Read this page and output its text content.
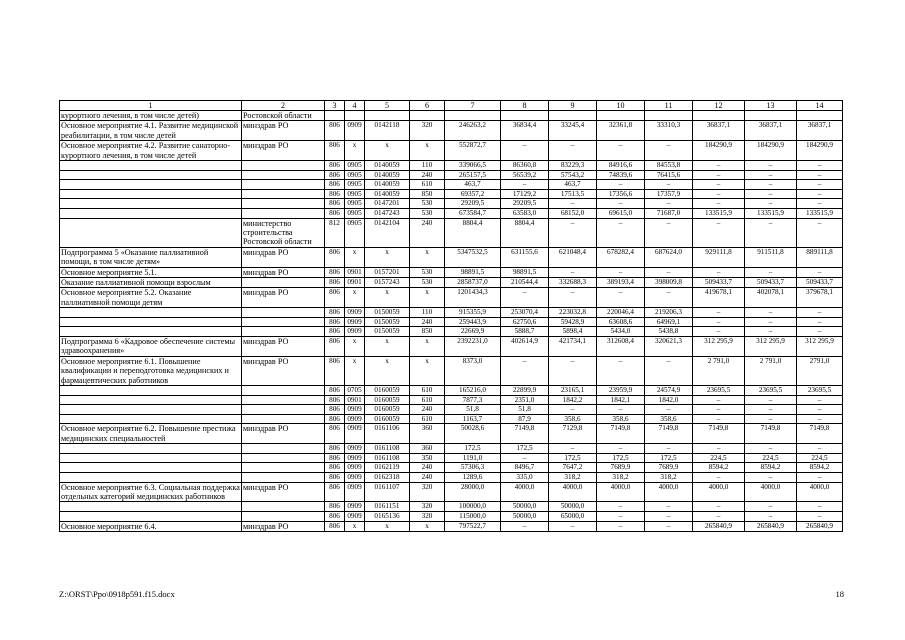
1	2	3	4	5	6	7	8	9	10	11	12	13	14
курортного лечения, в том числе детей)	Ростовской области												
Основное мероприятие 4.1. Развитие медицинской реабилитации, в том числе детей	минздрав РО	806	0909	0142118	320	246263,2	36834,4	33245,4	32361,8	33310,3	36837,1	36837,1	36837,1
Основное мероприятие 4.2. Развитие санаторно-курортного лечения, в том числе детей	минздрав РО	806	х	х	х	552872,7	–	–	–	–	184290,9	184290,9	184290,9
		806	0905	0140059	110	339066,5	86360,8	83229,3	84916,6	84553,8	–	–	–
		806	0905	0140059	240	265157,5	56539,2	57543,2	74839,6	76415,6	–	–	–
		806	0905	0140059	610	463,7	–	463,7	–	–	–	–	–
		806	0905	0140059	850	69357,2	17129,2	17513,5	17356,6	17357,9	–	–	–
		806	0905	0147201	530	29209,5	29209,5	–	–	–	–	–	–
		806	0905	0147243	530	673584,7	63583,0	68152,0	69615,0	71687,0	133515,9	133515,9	133515,9
	министерство строительства Ростовской области	812	0905	0142104	240	8804,4	8804,4	–	–	–	–	–	–
Подпрограмма 5 «Оказание паллиативной помощи, в том числе детям»	минздрав РО	806	х	х	х	5347532,5	631155,6	621048,4	678282,4	687624,0	929111,8	911511,8	889111,8
Основное мероприятие 5.1.	минздрав РО	806	0901	0157201	530	98891,5	98891,5	–	–	–	–	–	–
Оказание паллиативной помощи взрослым		806	0901	0157243	530	2858737,0	210544,4	332688,3	389193,4	398009,8	509433,7	509433,7	509433,7
Основное мероприятие 5.2. Оказание паллиативной помощи детям	минздрав РО	806	х	х	х	1201434,3	–	–	–	–	419678,1	402078,1	379678,1
		806	0909	0150059	110	915355,9	253070,4	223032,8	220046,4	219206,3	–	–	–
		806	0909	0150059	240	259443,9	62750,6	59428,9	63608,6	64969,1	–	–	–
		806	0909	0150059	850	22669,9	5888,7	5898,4	5434,0	5438,8	–	–	–
Подпрограмма 6 «Кадровое обеспечение системы здравоохранения»	минздрав РО	806	х	х	х	2392231,0	402614,9	421734,1	312608,4	320621,3	312 295,9	312 295,9	312 295,9
Основное мероприятие 6.1. Повышение квалификации и переподготовка медицинских и фармацевтических работников	минздрав РО	806	х	х	х	8373,0	–	–	–	–	2 791,0	2 791,0	2791,0
		806	0705	0160059	610	165216,0	22899,9	23165,1	23959,9	24574,9	23695,5	23695,5	23695,5
		806	0901	0160059	610	7877,3	2351,0	1842,2	1842,1	1842,0	–	–	–
		806	0909	0160059	240	51,8	51,8	–	–	–	–	–	–
		806	0909	0160059	610	1163,7	87,9	358,6	358,6	358,6	–	–	–
Основное мероприятие 6.2. Повышение престижа медицинских специальностей	минздрав РО	806	0909	0161106	360	50028,6	7149,8	7129,8	7149,8	7149,8	7149,8	7149,8	7149,8
		806	0909	0161108	360	172,5	172,5	–	–	–	–	–	–
		806	0909	0161108	350	1191,0	–	172,5	172,5	172,5	224,5	224,5	224,5
		806	0909	0162119	240	57306,3	8496,7	7647,2	7689,9	7689,9	8594,2	8594,2	8594,2
		806	0909	0162318	240	1289,6	335,0	318,2	318,2	318,2	–	–	–
Основное мероприятие 6.3. Социальная поддержка отдельных категорий медицинских работников	минздрав РО	806	0909	0161107	320	28000,0	4000,0	4000,0	4000,0	4000,0	4000,0	4000,0	4000,0
		806	0909	0161151	320	100000,0	50000,0	50000,0	–	–	–	–	–
		806	0909	0165136	320	115000,0	50000,0	65000,0	–	–	–	–	–
Основное мероприятие 6.4.	минздрав РО	806	х	х	х	797522,7	–	–	–	–	265840,9	265840,9	265840,9
Z:\ORST\Ppo\0918p591.f15.docx	18
